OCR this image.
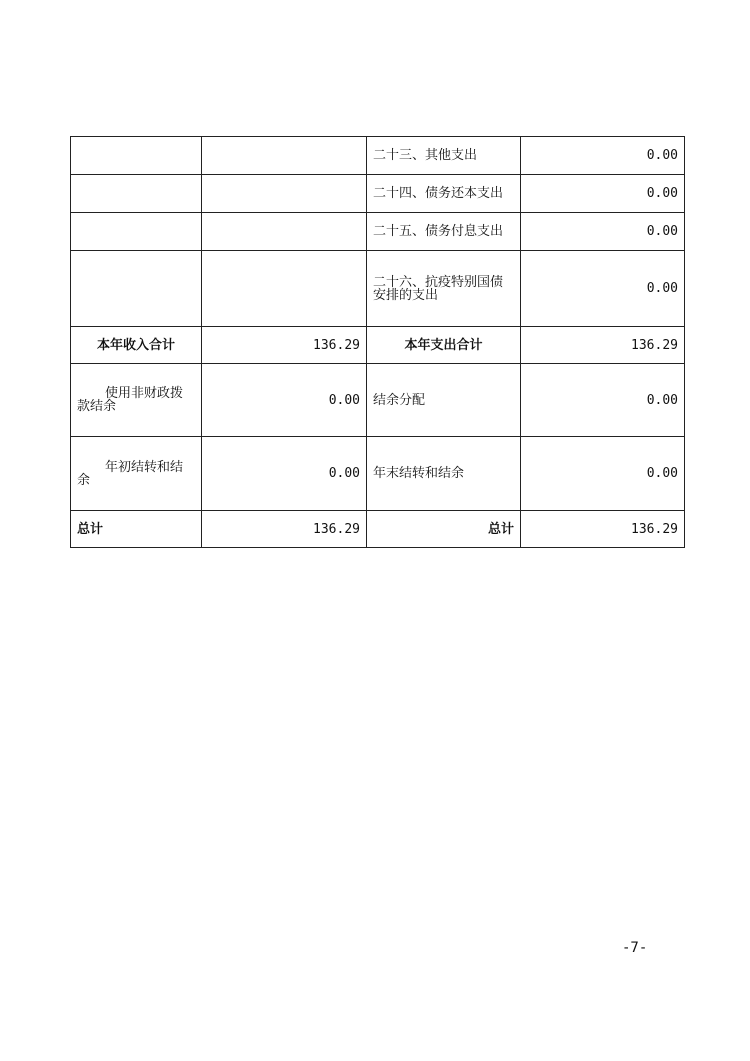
		二十三、其他支出	0.00
		二十四、债务还本支出	0.00
		二十五、债务付息支出	0.00

		二十六、抗疫特别国债
安排的支出	0.00
本年收入合计	136.29	本年支出合计	136.29

使用非财政拨
款结余	0.00	结余分配	0.00

年初结转和结
余	0.00	年末结转和结余	0.00
总计	136.29	总计	136.29
-7-
